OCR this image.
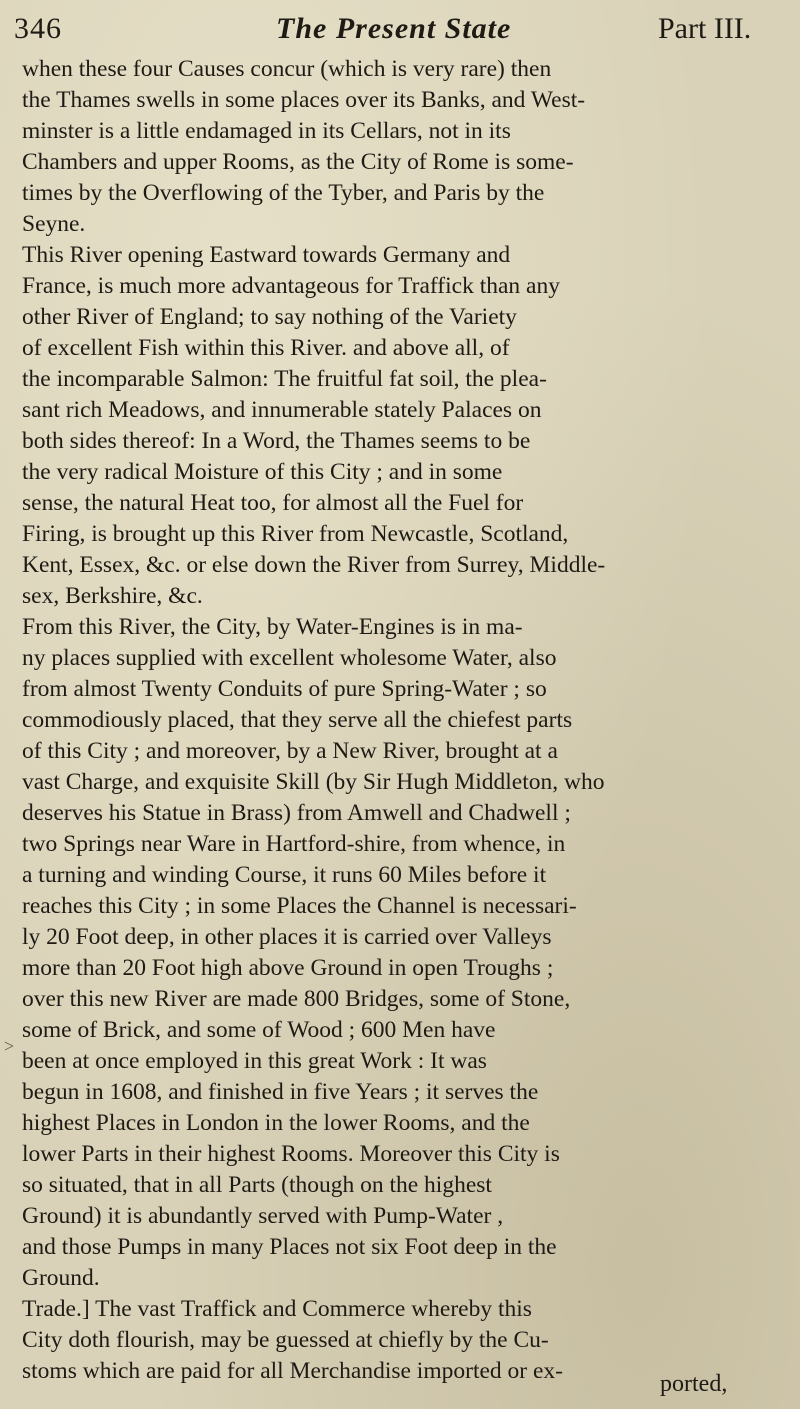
346	The Present State	Part III.
when these four Causes concur (which is very rare) then
the Thames swells in some places over its Banks, and West-
minster is a little endamaged in its Cellars, not in its
Chambers and upper Rooms, as the City of Rome is some-
times by the Overflowing of the Tyber, and Paris by the
Seyne.
This River opening Eastward towards Germany and
France, is much more advantageous for Traffick than any
other River of England; to say nothing of the Variety
of excellent Fish within this River. and above all, of
the incomparable Salmon: The fruitful fat soil, the plea-
sant rich Meadows, and innumerable stately Palaces on
both sides thereof: In a Word, the Thames seems to be
the very radical Moisture of this City ; and in some
sense, the natural Heat too, for almost all the Fuel for
Firing, is brought up this River from Newcastle, Scotland,
Kent, Essex, &c. or else down the River from Surrey, Middle-
sex, Berkshire, &c.
From this River, the City, by Water-Engines is in ma-
ny places supplied with excellent wholesome Water, also
from almost Twenty Conduits of pure Spring-Water ; so
commodiously placed, that they serve all the chiefest parts
of this City ; and moreover, by a New River, brought at a
vast Charge, and exquisite Skill (by Sir Hugh Middleton, who
deserves his Statue in Brass) from Amwell and Chadwell ;
two Springs near Ware in Hartford-shire, from whence, in
a turning and winding Course, it runs 60 Miles before it
reaches this City ; in some Places the Channel is necessari-
ly 20 Foot deep, in other places it is carried over Valleys
more than 20 Foot high above Ground in open Troughs ;
over this new River are made 800 Bridges, some of Stone,
some of Brick, and some of Wood ; 600 Men have
been at once employed in this great Work : It was
begun in 1608, and finished in five Years ; it serves the
highest Places in London in the lower Rooms, and the
lower Parts in their highest Rooms. Moreover this City is
so situated, that in all Parts (though on the highest
Ground) it is abundantly served with Pump-Water ,
and those Pumps in many Places not six Foot deep in the
Ground.
Trade.] The vast Traffick and Commerce whereby this
City doth flourish, may be guessed at chiefly by the Cu-
stoms which are paid for all Merchandise imported or ex-
>
ported,
